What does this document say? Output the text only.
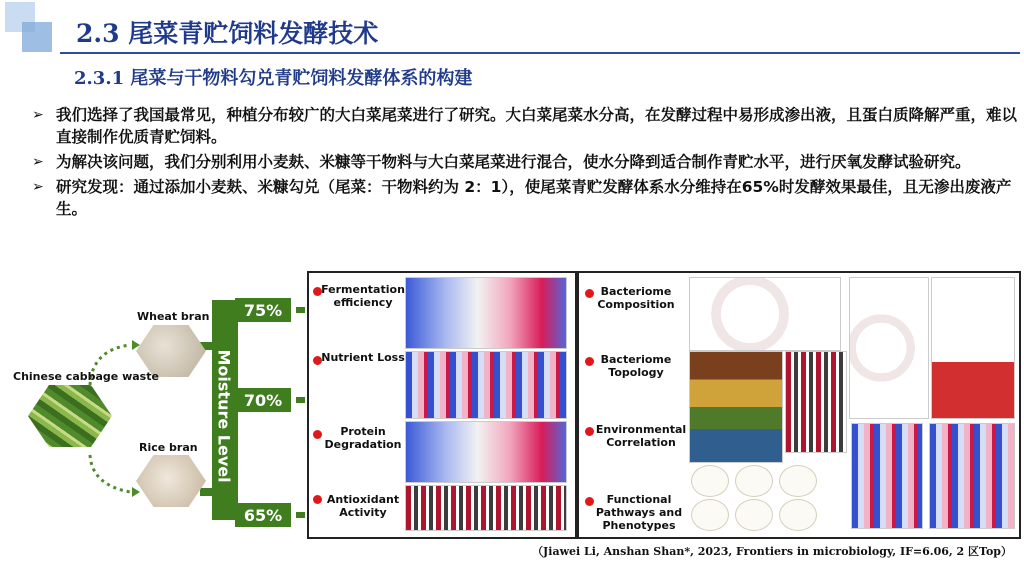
2.3 尾菜青贮饲料发酵技术
2.3.1 尾菜与干物料勾兑青贮饲料发酵体系的构建
➢ 我们选择了我国最常见，种植分布较广的大白菜尾菜进行了研究。大白菜尾菜水分高，在发酵过程中易形成渗出液，且蛋白质降解严重，难以直接制作优质青贮饲料。
➢ 为解决该问题，我们分别利用小麦麸、米糠等干物料与大白菜尾菜进行混合，使水分降到适合制作青贮水平，进行厌氧发酵试验研究。
➢ 研究发现：通过添加小麦麸、米糠勾兑（尾菜：干物料约为 2：1），使尾菜青贮发酵体系水分维持在65%时发酵效果最佳，且无渗出废液产生。
Wheat bran
Chinese cabbage waste
Rice bran Moisture Level
75%
70%
65%
Fermentation efficiency
Nutrient Loss
Protein Degradation
Antioxidant Activity
Bacteriome Composition
Bacteriome Topology
Environmental Correlation
Functional Pathways and Phenotypes
（Jiawei Li, Anshan Shan*, 2023, Frontiers in microbiology, IF=6.06, 2 区Top）
